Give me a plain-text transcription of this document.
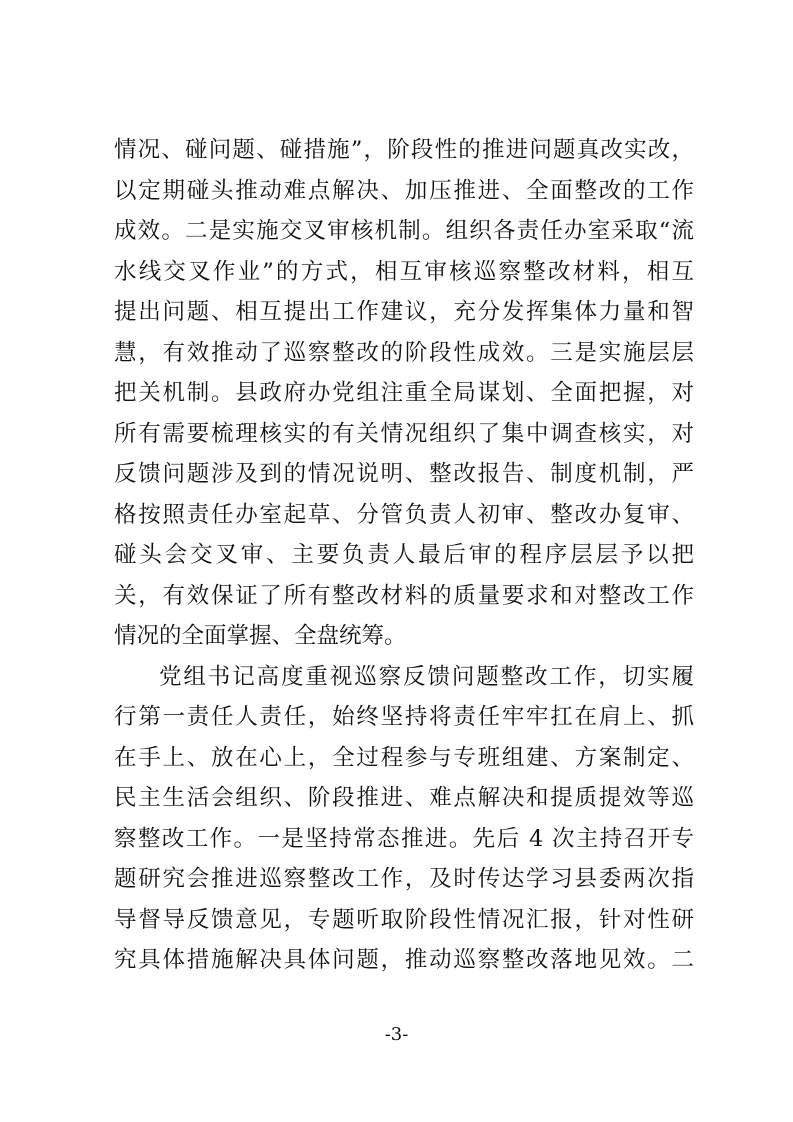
情况、碰问题、碰措施”，阶段性的推进问题真改实改，
以定期碰头推动难点解决、加压推进、全面整改的工作
成效。二是实施交叉审核机制。组织各责任办室采取“流
水线交叉作业”的方式，相互审核巡察整改材料，相互
提出问题、相互提出工作建议，充分发挥集体力量和智
慧，有效推动了巡察整改的阶段性成效。三是实施层层
把关机制。县政府办党组注重全局谋划、全面把握，对
所有需要梳理核实的有关情况组织了集中调查核实，对
反馈问题涉及到的情况说明、整改报告、制度机制，严
格按照责任办室起草、分管负责人初审、整改办复审、
碰头会交叉审、主要负责人最后审的程序层层予以把
关，有效保证了所有整改材料的质量要求和对整改工作
情况的全面掌握、全盘统筹。
党组书记高度重视巡察反馈问题整改工作，切实履
行第一责任人责任，始终坚持将责任牢牢扛在肩上、抓
在手上、放在心上，全过程参与专班组建、方案制定、
民主生活会组织、阶段推进、难点解决和提质提效等巡
察整改工作。一是坚持常态推进。先后 4 次主持召开专
题研究会推进巡察整改工作，及时传达学习县委两次指
导督导反馈意见，专题听取阶段性情况汇报，针对性研
究具体措施解决具体问题，推动巡察整改落地见效。二
-3-
